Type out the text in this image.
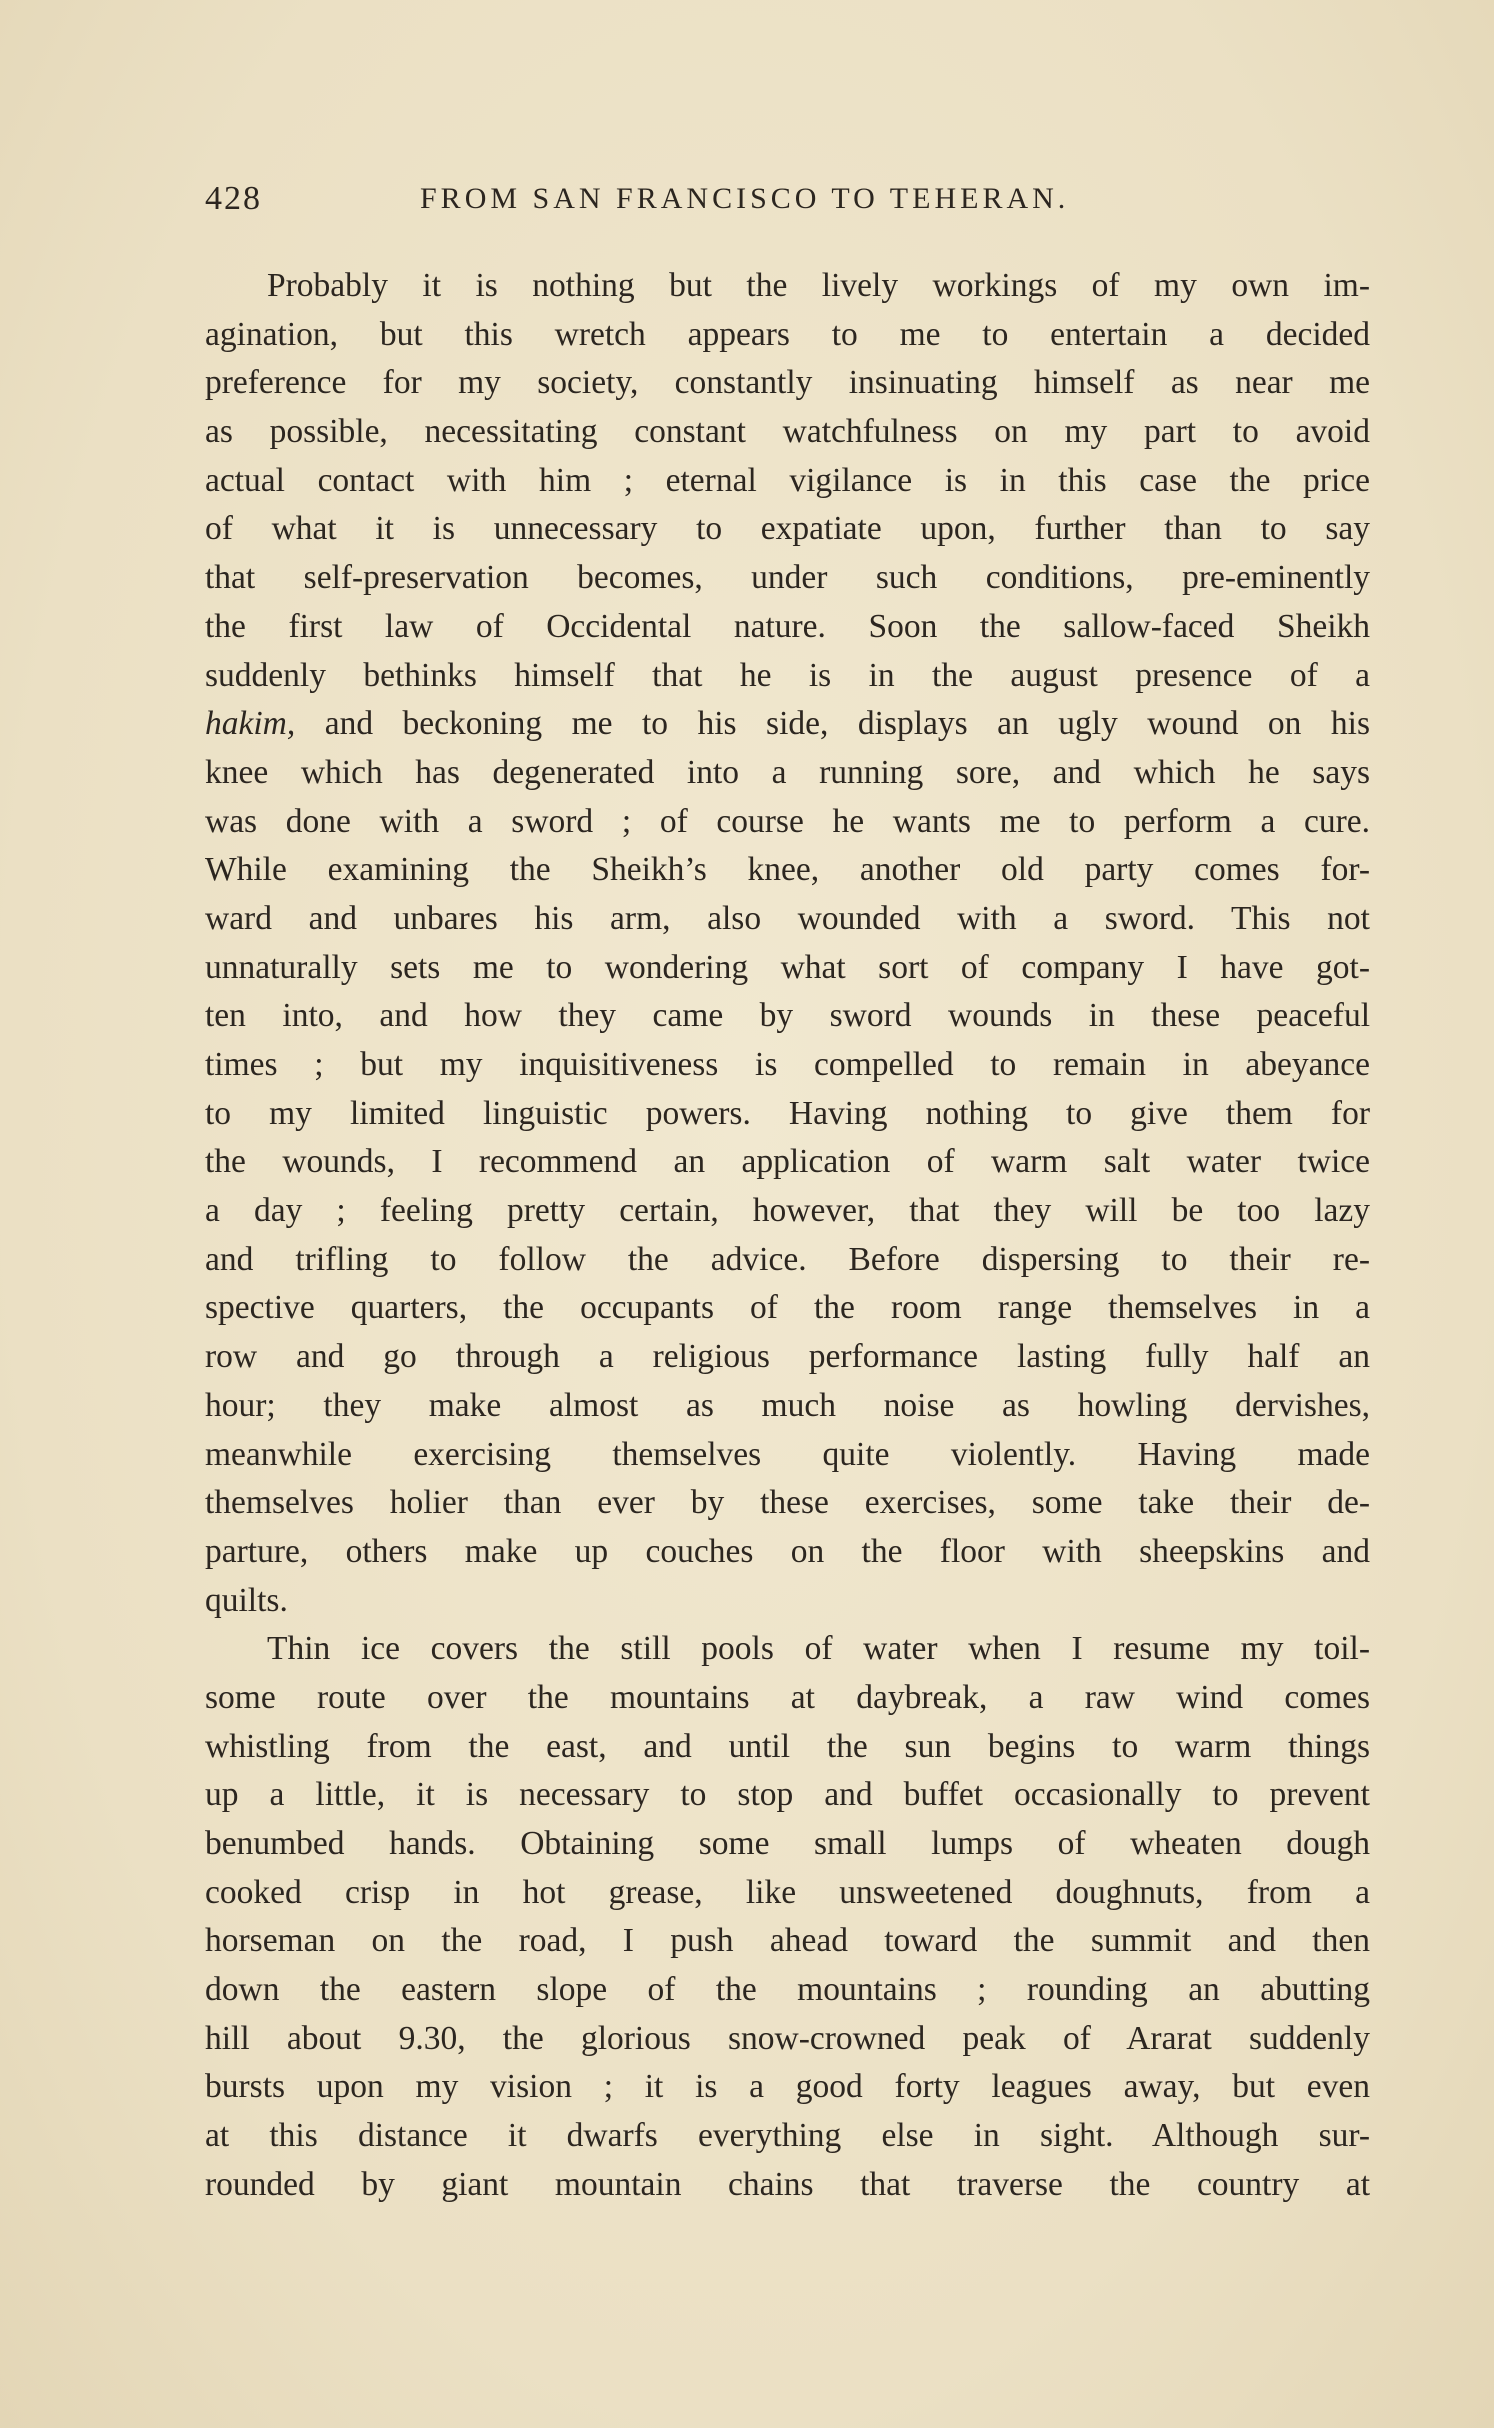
428	FROM SAN FRANCISCO TO TEHERAN.
Probably it is nothing but the lively workings of my own im-
agination, but this wretch appears to me to entertain a decided
preference for my society, constantly insinuating himself as near me
as possible, necessitating constant watchfulness on my part to avoid
actual contact with him ; eternal vigilance is in this case the price
of what it is unnecessary to expatiate upon, further than to say
that self-preservation becomes, under such conditions, pre-eminently
the first law of Occidental nature. Soon the sallow-faced Sheikh
suddenly bethinks himself that he is in the august presence of a
hakim, and beckoning me to his side, displays an ugly wound on his
knee which has degenerated into a running sore, and which he says
was done with a sword ; of course he wants me to perform a cure.
While examining the Sheikh’s knee, another old party comes for-
ward and unbares his arm, also wounded with a sword. This not
unnaturally sets me to wondering what sort of company I have got-
ten into, and how they came by sword wounds in these peaceful
times ; but my inquisitiveness is compelled to remain in abeyance
to my limited linguistic powers. Having nothing to give them for
the wounds, I recommend an application of warm salt water twice
a day ; feeling pretty certain, however, that they will be too lazy
and trifling to follow the advice. Before dispersing to their re-
spective quarters, the occupants of the room range themselves in a
row and go through a religious performance lasting fully half an
hour; they make almost as much noise as howling dervishes,
meanwhile exercising themselves quite violently. Having made
themselves holier than ever by these exercises, some take their de-
parture, others make up couches on the floor with sheepskins and
quilts.
Thin ice covers the still pools of water when I resume my toil-
some route over the mountains at daybreak, a raw wind comes
whistling from the east, and until the sun begins to warm things
up a little, it is necessary to stop and buffet occasionally to prevent
benumbed hands. Obtaining some small lumps of wheaten dough
cooked crisp in hot grease, like unsweetened doughnuts, from a
horseman on the road, I push ahead toward the summit and then
down the eastern slope of the mountains ; rounding an abutting
hill about 9.30, the glorious snow-crowned peak of Ararat suddenly
bursts upon my vision ; it is a good forty leagues away, but even
at this distance it dwarfs everything else in sight. Although sur-
rounded by giant mountain chains that traverse the country at
